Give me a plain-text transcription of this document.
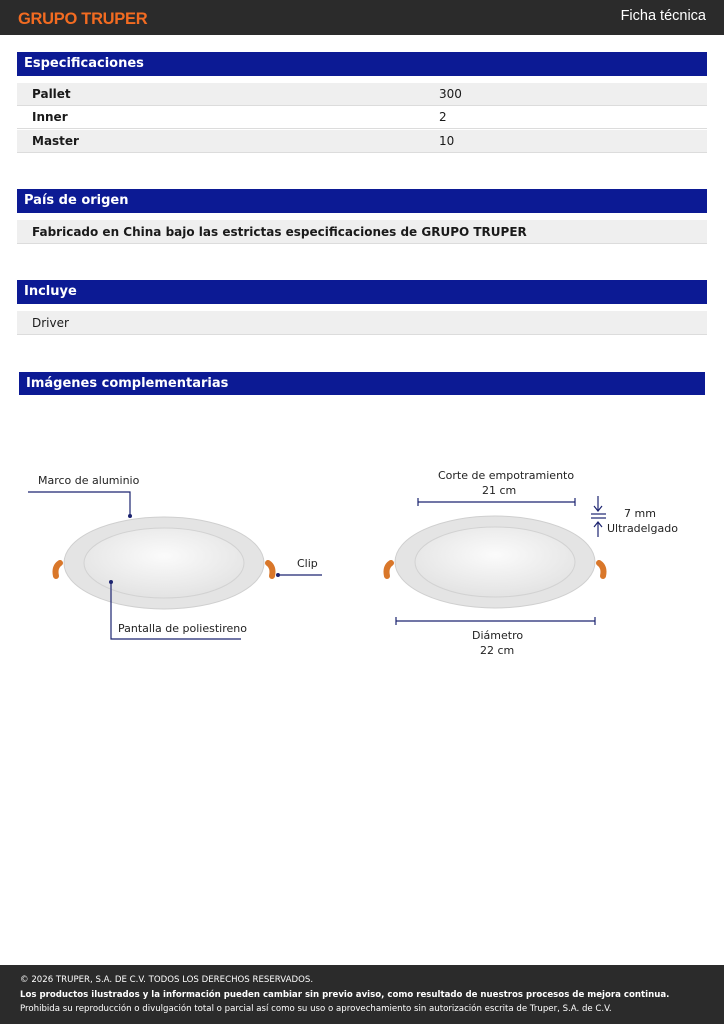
GRUPO TRUPER	Ficha técnica
Especificaciones
Pallet	300
Inner	2
Master	10
País de origen
Fabricado en China bajo las estrictas especificaciones de GRUPO TRUPER
Incluye
Driver
Imágenes complementarias
Marco de aluminio
Clip
Pantalla de poliestireno
Corte de empotramiento
21 cm
7 mm
Ultradelgado
Diámetro
22 cm
© 2026 TRUPER, S.A. DE C.V. TODOS LOS DERECHOS RESERVADOS.
Los productos ilustrados y la información pueden cambiar sin previo aviso, como resultado de nuestros procesos de mejora continua.
Prohibida su reproducción o divulgación total o parcial así como su uso o aprovechamiento sin autorización escrita de Truper, S.A. de C.V.
